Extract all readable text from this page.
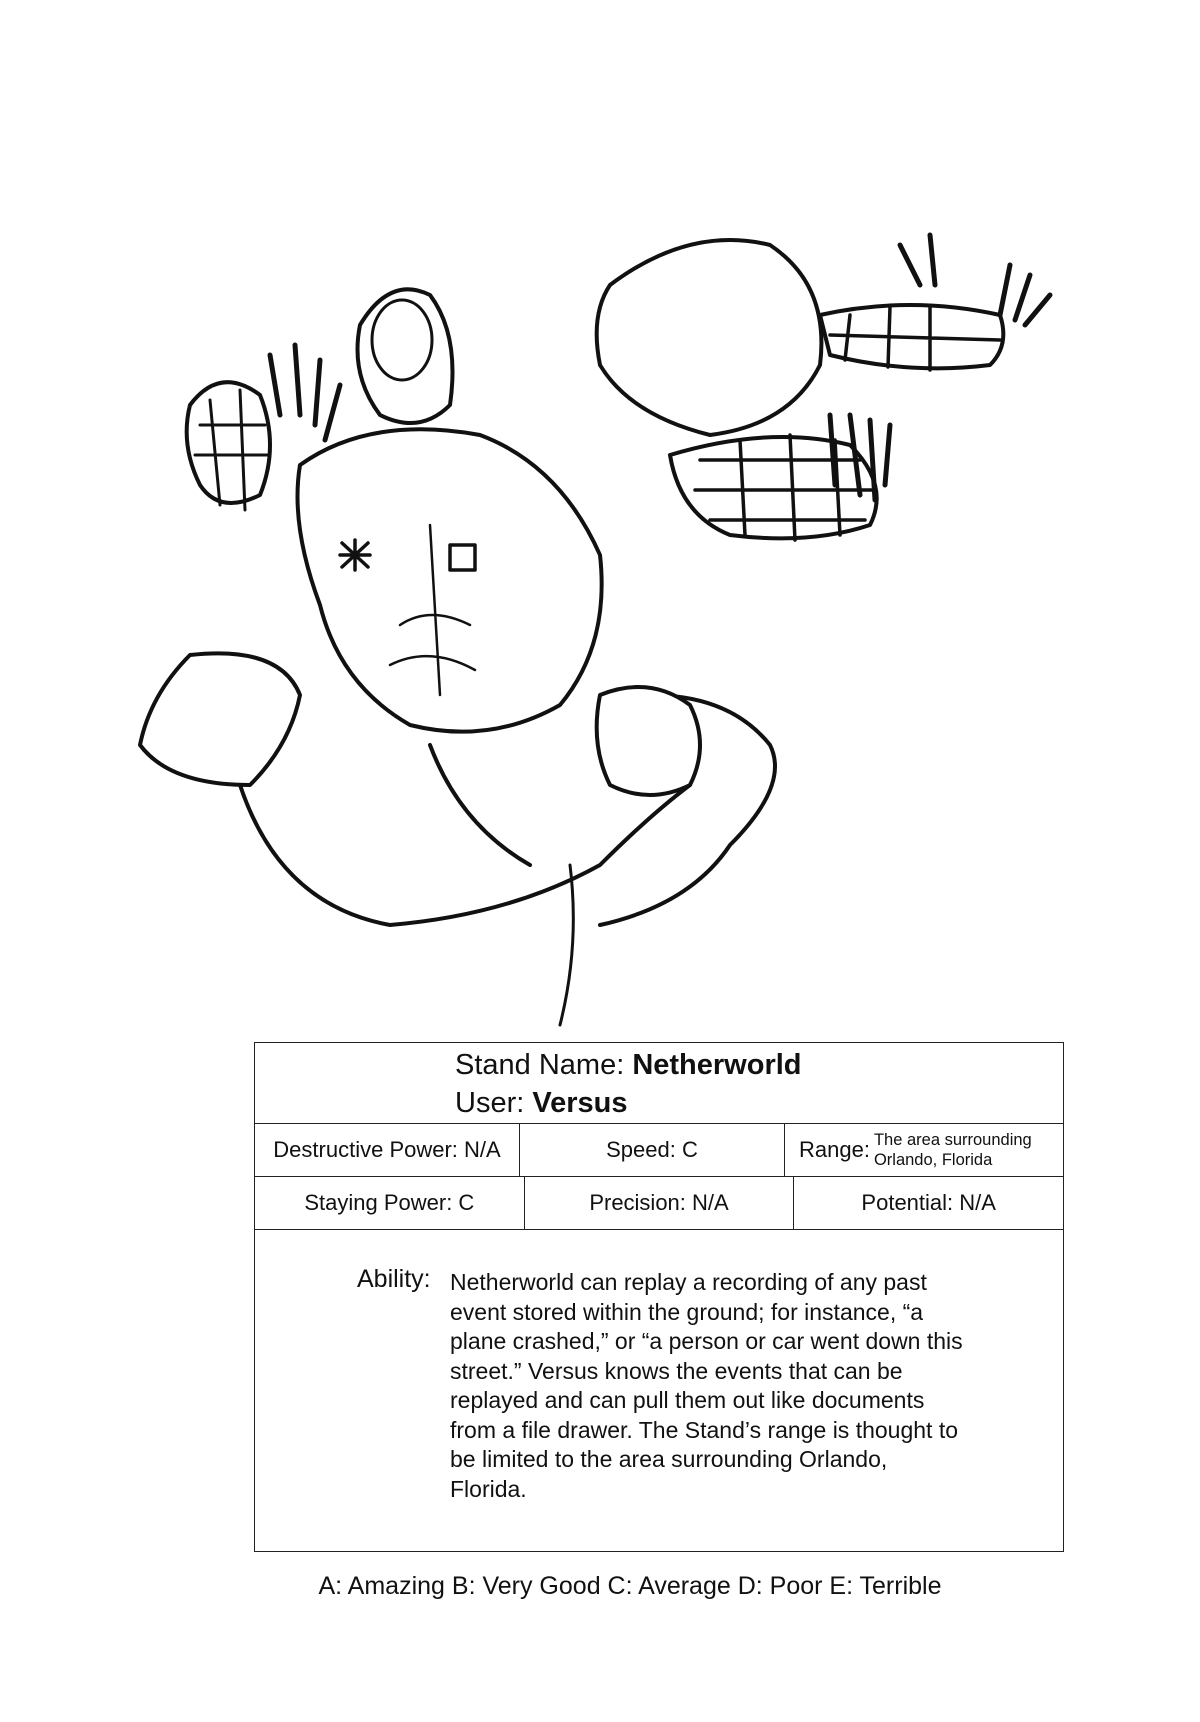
Stand Name: Netherworld
User: Versus
Destructive Power: N/A	Speed: C	Range: The area surrounding Orlando, Florida
Staying Power: C	Precision: N/A	Potential: N/A
Ability: Netherworld can replay a recording of any past event stored within the ground; for instance, “a plane crashed,” or “a person or car went down this street.” Versus knows the events that can be replayed and can pull them out like documents from a file drawer. The Stand’s range is thought to be limited to the area surrounding Orlando, Florida.
A: Amazing B: Very Good C: Average D: Poor E: Terrible
